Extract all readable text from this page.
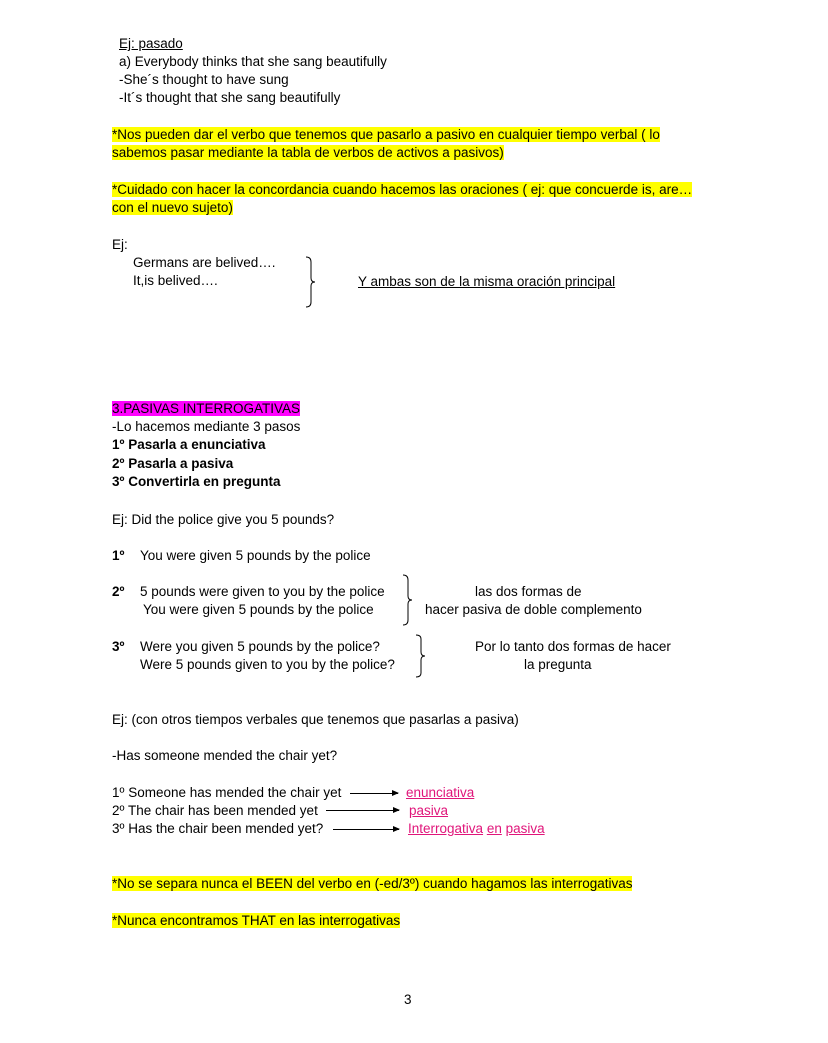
Ej: pasado
a) Everybody thinks that she sang beautifully
-She´s thought to have sung
-It´s thought that she sang beautifully
*Nos pueden dar el verbo que tenemos que pasarlo a pasivo en cualquier tiempo verbal ( lo
sabemos pasar mediante la tabla de verbos de activos a pasivos)
*Cuidado con hacer la concordancia cuando hacemos las oraciones ( ej: que concuerde is, are…
con el nuevo sujeto)
Ej:
Germans are belived….
It,is belived….	Y ambas son de la misma oración principal
3.PASIVAS INTERROGATIVAS
-Lo hacemos mediante 3 pasos
1º Pasarla a enunciativa
2º Pasarla a pasiva
3º Convertirla en pregunta
Ej: Did the police give you 5 pounds?
1º You were given 5 pounds by the police
2º 5 pounds were given to you by the police
You were given 5 pounds by the police
las dos formas de
hacer pasiva de doble complemento
3º Were you given 5 pounds by the police?
Were 5 pounds given to you by the police?
Por lo tanto dos formas de hacer
la pregunta
Ej: (con otros tiempos verbales que tenemos que pasarlas a pasiva)
-Has someone mended the chair yet?
1º Someone has mended the chair yet	enunciativa
2º The chair has been mended yet	pasiva
3º Has the chair been mended yet?	Interrogativa en pasiva
*No se separa nunca el BEEN del verbo en (-ed/3º) cuando hagamos las interrogativas
*Nunca encontramos THAT en las interrogativas
3
